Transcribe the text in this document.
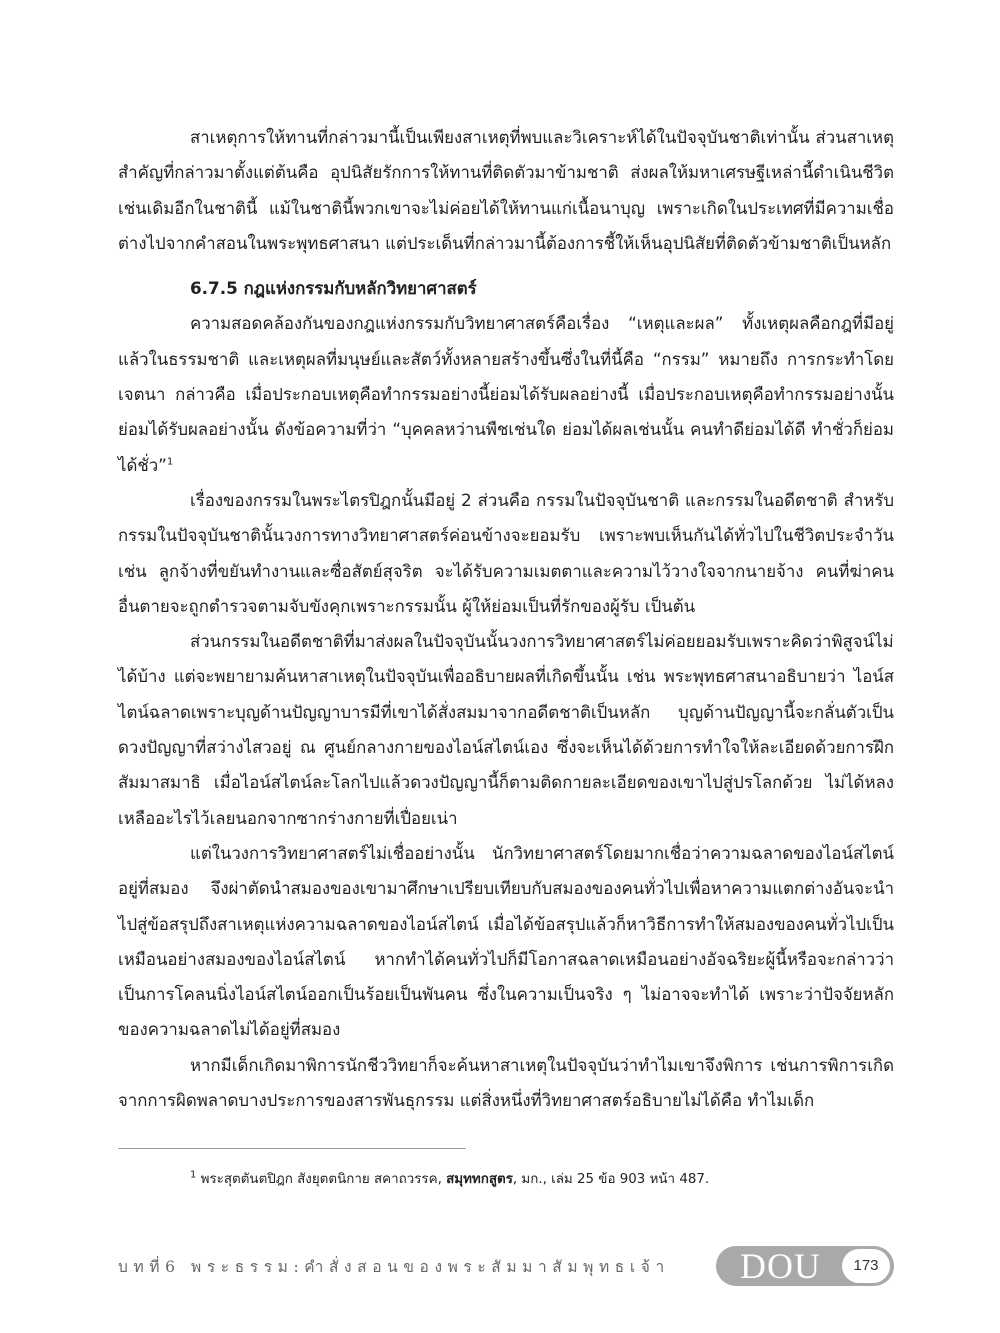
สาเหตุการให้ทานที่กล่าวมานี้เป็นเพียงสาเหตุที่พบและวิเคราะห์ได้ในปัจจุบันชาติเท่านั้น ส่วนสาเหตุสำคัญที่กล่าวมาตั้งแต่ต้นคือ อุปนิสัยรักการให้ทานที่ติดตัวมาข้ามชาติ ส่งผลให้มหาเศรษฐีเหล่านี้ดำเนินชีวิตเช่นเดิมอีกในชาตินี้ แม้ในชาตินี้พวกเขาจะไม่ค่อยได้ให้ทานแก่เนื้อนาบุญ เพราะเกิดในประเทศที่มีความเชื่อต่างไปจากคำสอนในพระพุทธศาสนา แต่ประเด็นที่กล่าวมานี้ต้องการชี้ให้เห็นอุปนิสัยที่ติดตัวข้ามชาติเป็นหลัก

6.7.5 กฎแห่งกรรมกับหลักวิทยาศาสตร์

ความสอดคล้องกันของกฎแห่งกรรมกับวิทยาศาสตร์คือเรื่อง “เหตุและผล” ทั้งเหตุผลคือกฎที่มีอยู่แล้วในธรรมชาติ และเหตุผลที่มนุษย์และสัตว์ทั้งหลายสร้างขึ้นซึ่งในที่นี้คือ “กรรม” หมายถึง การกระทำโดยเจตนา กล่าวคือ เมื่อประกอบเหตุคือทำกรรมอย่างนี้ย่อมได้รับผลอย่างนี้ เมื่อประกอบเหตุคือทำกรรมอย่างนั้น ย่อมได้รับผลอย่างนั้น ดังข้อความที่ว่า “บุคคลหว่านพืชเช่นใด ย่อมได้ผลเช่นนั้น คนทำดีย่อมได้ดี ทำชั่วก็ย่อมได้ชั่ว”$^1$

เรื่องของกรรมในพระไตรปิฎกนั้นมีอยู่ 2 ส่วนคือ กรรมในปัจจุบันชาติ และกรรมในอดีตชาติ สำหรับกรรมในปัจจุบันชาตินั้นวงการทางวิทยาศาสตร์ค่อนข้างจะยอมรับ เพราะพบเห็นกันได้ทั่วไปในชีวิตประจำวัน เช่น ลูกจ้างที่ขยันทำงานและซื่อสัตย์สุจริต จะได้รับความเมตตาและความไว้วางใจจากนายจ้าง คนที่ฆ่าคนอื่นตายจะถูกตำรวจตามจับขังคุกเพราะกรรมนั้น ผู้ให้ย่อมเป็นที่รักของผู้รับ เป็นต้น

ส่วนกรรมในอดีตชาติที่มาส่งผลในปัจจุบันนั้นวงการวิทยาศาสตร์ไม่ค่อยยอมรับเพราะคิดว่าพิสูจน์ไม่ได้บ้าง แต่จะพยายามค้นหาสาเหตุในปัจจุบันเพื่ออธิบายผลที่เกิดขึ้นนั้น เช่น พระพุทธศาสนาอธิบายว่า ไอน์สไตน์ฉลาดเพราะบุญด้านปัญญาบารมีที่เขาได้สั่งสมมาจากอดีตชาติเป็นหลัก บุญด้านปัญญานี้จะกลั่นตัวเป็นดวงปัญญาที่สว่างไสวอยู่ ณ ศูนย์กลางกายของไอน์สไตน์เอง ซึ่งจะเห็นได้ด้วยการทำใจให้ละเอียดด้วยการฝึกสัมมาสมาธิ เมื่อไอน์สไตน์ละโลกไปแล้วดวงปัญญานี้ก็ตามติดกายละเอียดของเขาไปสู่ปรโลกด้วย ไม่ได้หลงเหลืออะไรไว้เลยนอกจากซากร่างกายที่เปื่อยเน่า

แต่ในวงการวิทยาศาสตร์ไม่เชื่ออย่างนั้น นักวิทยาศาสตร์โดยมากเชื่อว่าความฉลาดของไอน์สไตน์อยู่ที่สมอง จึงผ่าตัดนำสมองของเขามาศึกษาเปรียบเทียบกับสมองของคนทั่วไปเพื่อหาความแตกต่างอันจะนำไปสู่ข้อสรุปถึงสาเหตุแห่งความฉลาดของไอน์สไตน์ เมื่อได้ข้อสรุปแล้วก็หาวิธีการทำให้สมองของคนทั่วไปเป็นเหมือนอย่างสมองของไอน์สไตน์ หากทำได้คนทั่วไปก็มีโอกาสฉลาดเหมือนอย่างอัจฉริยะผู้นี้หรือจะกล่าวว่าเป็นการโคลนนิ่งไอน์สไตน์ออกเป็นร้อยเป็นพันคน ซึ่งในความเป็นจริง ๆ ไม่อาจจะทำได้ เพราะว่าปัจจัยหลักของความฉลาดไม่ได้อยู่ที่สมอง

หากมีเด็กเกิดมาพิการนักชีววิทยาก็จะค้นหาสาเหตุในปัจจุบันว่าทำไมเขาจึงพิการ เช่นการพิการเกิดจากการผิดพลาดบางประการของสารพันธุกรรม แต่สิ่งหนึ่งที่วิทยาศาสตร์อธิบายไม่ได้คือ ทำไมเด็ก

$^1$ พระสุตตันตปิฎก สังยุตตนิกาย สคาถวรรค, สมุททกสูตร, มก., เล่ม 25 ข้อ 903 หน้า 487.
บทที่6 พระธรรม:คำสั่งสอนของพระสัมมาสัมพุทธเจ้า DOU	173
